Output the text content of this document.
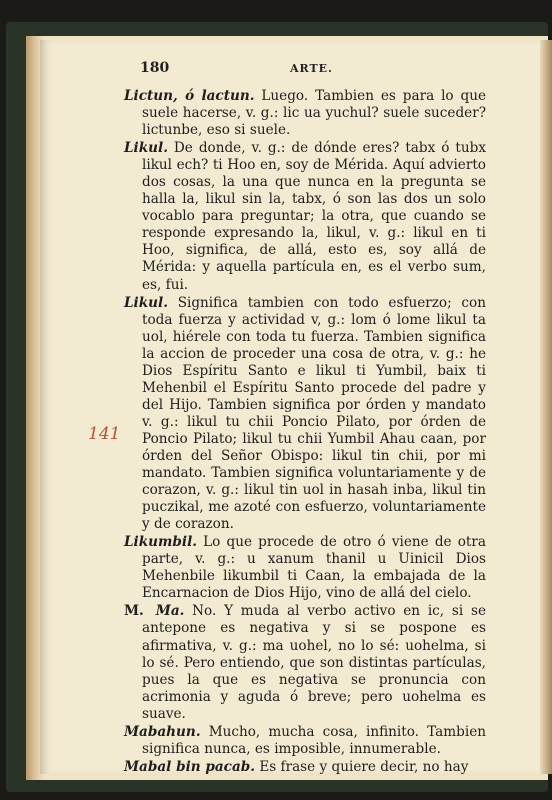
180	ARTE.
141

Lictun, ó lactun. Luego. Tambien es para lo que suele hacerse, v. g.: lic ua yuchul? suele suceder? lictunbe, eso si suele.

Likul. De donde, v. g.: de dónde eres? tabx ó tubx likul ech? ti Hoo en, soy de Mérida. Aquí advierto dos cosas, la una que nunca en la pregunta se halla la, likul sin la, tabx, ó son las dos un solo vocablo para preguntar; la otra, que cuando se responde expresando la, likul, v. g.: likul en ti Hoo, significa, de allá, esto es, soy allá de Mérida: y aquella partícula en, es el verbo sum, es, fui.

Likul. Significa tambien con todo esfuerzo; con toda fuerza y actividad v, g.: lom ó lome likul ta uol, hiérele con toda tu fuerza. Tambien significa la accion de proceder una cosa de otra, v. g.: he Dios Espíritu Santo e likul ti Yumbil, baix ti Mehenbil el Espíritu Santo procede del padre y del Hijo. Tambien significa por órden y mandato v. g.: likul tu chii Poncio Pilato, por órden de Poncio Pilato; likul tu chii Yumbil Ahau caan, por órden del Señor Obispo: likul tin chii, por mi mandato. Tambien significa voluntariamente y de corazon, v. g.: likul tin uol in hasah inba, likul tin puczikal, me azoté con esfuerzo, voluntariamente y de corazon.

Likumbil. Lo que procede de otro ó viene de otra parte, v. g.: u xanum thanil u Uinicil Dios Mehenbile likumbil ti Caan, la embajada de la Encarnacion de Dios Hijo, vino de allá del cielo.

M. Ma. No. Y muda al verbo activo en ic, si se antepone es negativa y si se pospone es afirmativa, v. g.: ma uohel, no lo sé: uohelma, si lo sé. Pero entiendo, que son distintas partículas, pues la que es negativa se pronuncia con acrimonia y aguda ó breve; pero uohelma es suave.

Mabahun. Mucho, mucha cosa, infinito. Tambien significa nunca, es imposible, innumerable.

Mabal bin pacab. Es frase y quiere decir, no hay
